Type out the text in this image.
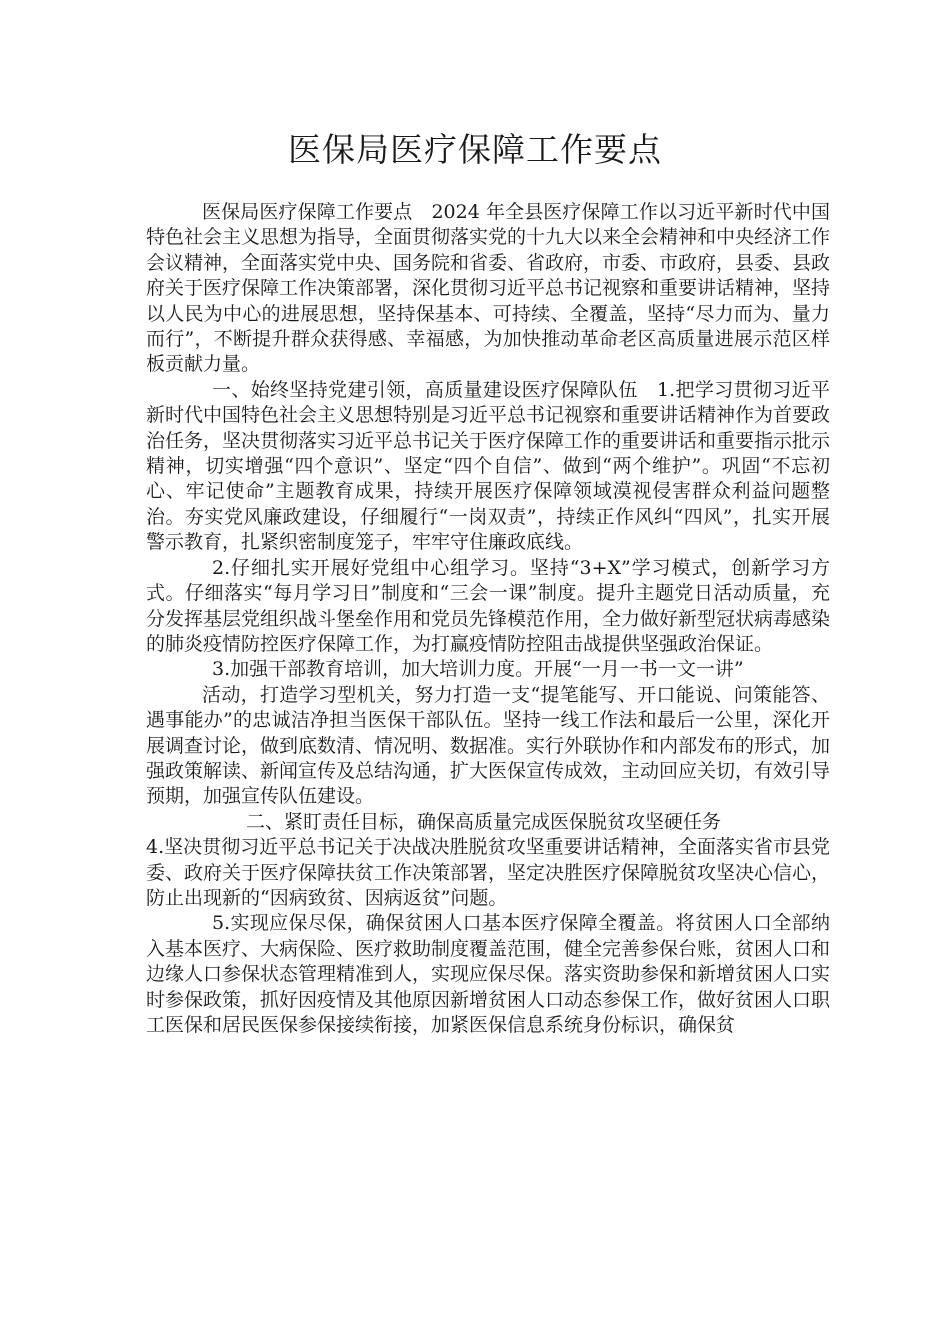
医保局医疗保障工作要点

医保局医疗保障工作要点　2024 年全县医疗保障工作以习近平新时代中国特色社会主义思想为指导，全面贯彻落实党的十九大以来全会精神和中央经济工作会议精神，全面落实党中央、国务院和省委、省政府，市委、市政府，县委、县政府关于医疗保障工作决策部署，深化贯彻习近平总书记视察和重要讲话精神，坚持以人民为中心的进展思想，坚持保基本、可持续、全覆盖，坚持“尽力而为、量力而行”，不断提升群众获得感、幸福感，为加快推动革命老区高质量进展示范区样板贡献力量。

一、始终坚持党建引领，高质量建设医疗保障队伍　1.把学习贯彻习近平新时代中国特色社会主义思想特别是习近平总书记视察和重要讲话精神作为首要政治任务，坚决贯彻落实习近平总书记关于医疗保障工作的重要讲话和重要指示批示精神，切实增强“四个意识”、坚定“四个自信”、做到“两个维护”。巩固“不忘初心、牢记使命”主题教育成果，持续开展医疗保障领域漠视侵害群众利益问题整治。夯实党风廉政建设，仔细履行“一岗双责”，持续正作风纠“四风”，扎实开展警示教育，扎紧织密制度笼子，牢牢守住廉政底线。

2.仔细扎实开展好党组中心组学习。坚持“3+X”学习模式，创新学习方式。仔细落实“每月学习日”制度和“三会一课”制度。提升主题党日活动质量，充分发挥基层党组织战斗堡垒作用和党员先锋模范作用，全力做好新型冠状病毒感染的肺炎疫情防控医疗保障工作，为打赢疫情防控阻击战提供坚强政治保证。

3.加强干部教育培训，加大培训力度。开展“一月一书一文一讲”

活动，打造学习型机关，努力打造一支“提笔能写、开口能说、问策能答、遇事能办”的忠诚洁净担当医保干部队伍。坚持一线工作法和最后一公里，深化开展调查讨论，做到底数清、情况明、数据准。实行外联协作和内部发布的形式，加强政策解读、新闻宣传及总结沟通，扩大医保宣传成效，主动回应关切，有效引导预期，加强宣传队伍建设。

二、紧盯责任目标，确保高质量完成医保脱贫攻坚硬任务

4.坚决贯彻习近平总书记关于决战决胜脱贫攻坚重要讲话精神，全面落实省市县党委、政府关于医疗保障扶贫工作决策部署，坚定决胜医疗保障脱贫攻坚决心信心，防止出现新的“因病致贫、因病返贫”问题。

5.实现应保尽保，确保贫困人口基本医疗保障全覆盖。将贫困人口全部纳入基本医疗、大病保险、医疗救助制度覆盖范围，健全完善参保台账，贫困人口和边缘人口参保状态管理精准到人，实现应保尽保。落实资助参保和新增贫困人口实时参保政策，抓好因疫情及其他原因新增贫困人口动态参保工作，做好贫困人口职工医保和居民医保参保接续衔接，加紧医保信息系统身份标识，确保贫
